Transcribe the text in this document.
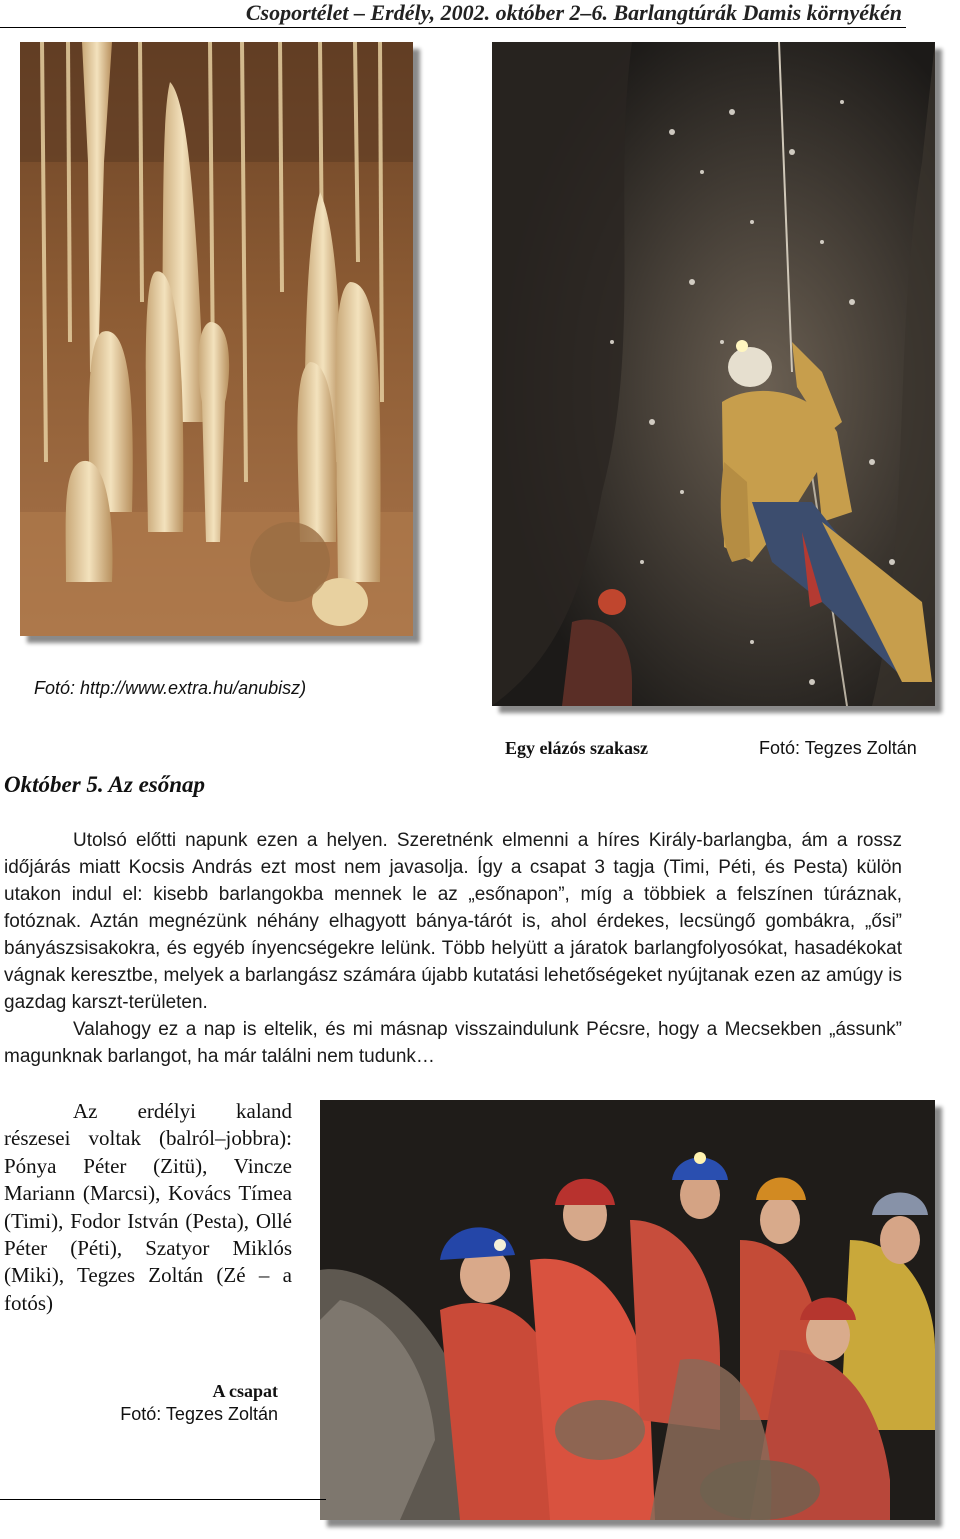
Csoportélet – Erdély, 2002. október 2–6. Barlangtúrák Damis környékén
Fotó: http://www.extra.hu/anubisz)
Egy elázós szakasz	Fotó: Tegzes Zoltán
Október 5. Az esőnap

Utolsó előtti napunk ezen a helyen. Szeretnénk elmenni a híres Király-barlangba, ám a rossz időjárás miatt Kocsis András ezt most nem javasolja. Így a csapat 3 tagja (Timi, Péti, és Pesta) külön utakon indul el: kisebb barlangokba mennek le az „esőnapon”, míg a többiek a felszínen túráznak, fotóznak. Aztán megnézünk néhány elhagyott bánya-tárót is, ahol érdekes, lecsüngő gombákra, „ősi” bányászsisakokra, és egyéb ínyencségekre lelünk. Több helyütt a járatok barlangfolyosókat, hasadékokat vágnak keresztbe, melyek a barlangász számára újabb kutatási lehetőségeket nyújtanak ezen az amúgy is gazdag karszt-területen.

Valahogy ez a nap is eltelik, és mi másnap visszaindulunk Pécsre, hogy a Mecsekben „ássunk” magunknak barlangot, ha már találni nem tudunk…

Az erdélyi kaland részesei voltak (balról–jobbra): Pónya Péter (Zitü), Vincze Mariann (Marcsi), Kovács Tímea (Timi), Fodor István (Pesta), Ollé Péter (Péti), Szatyor Miklós (Miki), Tegzes Zoltán (Zé – a fotós)

A csapat
Fotó: Tegzes Zoltán
